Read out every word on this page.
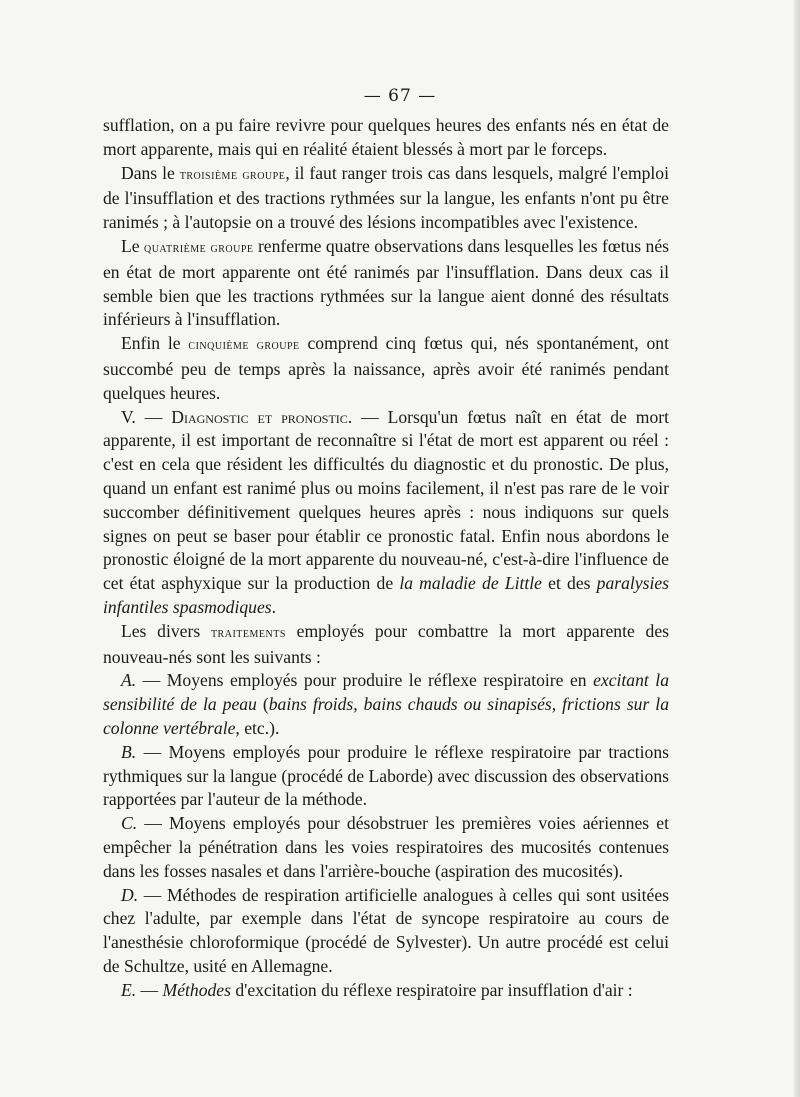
— 67 —

sufflation, on a pu faire revivre pour quelques heures des enfants nés en état de mort apparente, mais qui en réalité étaient blessés à mort par le forceps.

Dans le troisième groupe, il faut ranger trois cas dans lesquels, malgré l'emploi de l'insufflation et des tractions rythmées sur la langue, les enfants n'ont pu être ranimés ; à l'autopsie on a trouvé des lésions incompatibles avec l'existence.

Le quatrième groupe renferme quatre observations dans lesquelles les fœtus nés en état de mort apparente ont été ranimés par l'insufflation. Dans deux cas il semble bien que les tractions rythmées sur la langue aient donné des résultats inférieurs à l'insufflation.

Enfin le cinquième groupe comprend cinq fœtus qui, nés spontanément, ont succombé peu de temps après la naissance, après avoir été ranimés pendant quelques heures.

V. — Diagnostic et pronostic. — Lorsqu'un fœtus naît en état de mort apparente, il est important de reconnaître si l'état de mort est apparent ou réel : c'est en cela que résident les difficultés du diagnostic et du pronostic. De plus, quand un enfant est ranimé plus ou moins facilement, il n'est pas rare de le voir succomber définitivement quelques heures après : nous indiquons sur quels signes on peut se baser pour établir ce pronostic fatal. Enfin nous abordons le pronostic éloigné de la mort apparente du nouveau-né, c'est-à-dire l'influence de cet état asphyxique sur la production de la maladie de Little et des paralysies infantiles spasmodiques.

Les divers traitements employés pour combattre la mort apparente des nouveau-nés sont les suivants :

A. — Moyens employés pour produire le réflexe respiratoire en excitant la sensibilité de la peau (bains froids, bains chauds ou sinapisés, frictions sur la colonne vertébrale, etc.).

B. — Moyens employés pour produire le réflexe respiratoire par tractions rythmiques sur la langue (procédé de Laborde) avec discussion des observations rapportées par l'auteur de la méthode.

C. — Moyens employés pour désobstruer les premières voies aériennes et empêcher la pénétration dans les voies respiratoires des mucosités contenues dans les fosses nasales et dans l'arrière-bouche (aspiration des mucosités).

D. — Méthodes de respiration artificielle analogues à celles qui sont usitées chez l'adulte, par exemple dans l'état de syncope respiratoire au cours de l'anesthésie chloroformique (procédé de Sylvester). Un autre procédé est celui de Schultze, usité en Allemagne.

E. — Méthodes d'excitation du réflexe respiratoire par insufflation d'air :
